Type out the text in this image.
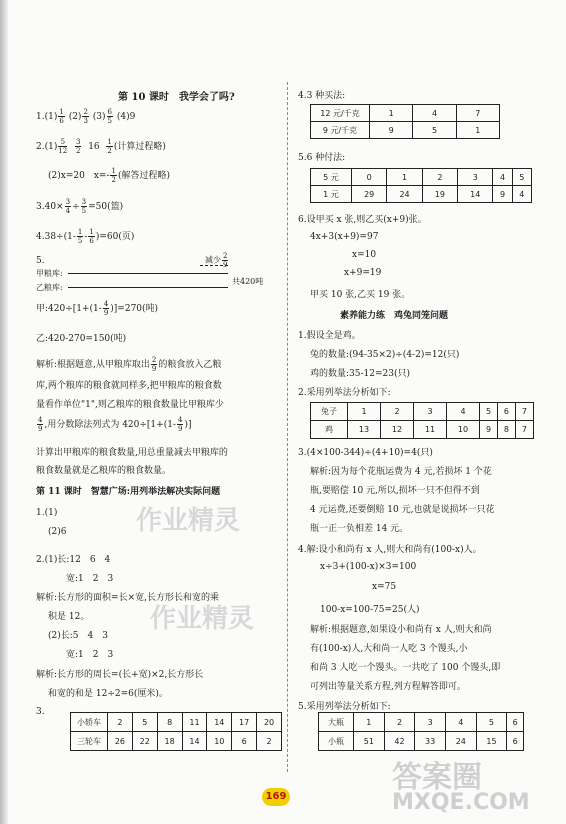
第 10 课时　我学会了吗?
$1.(1) \frac{1}{6} (2) \frac{2}{3} (3) \frac{6}{5} (4)9$
$2.(1) \frac{5}{12}$
$\frac{3}{2} 16 \frac{1}{2}$ (计算过程略)
(2)x=20　$x=- \frac{1}{2}$ (解答过程略)
$3.40\times \frac{3}{4} \div \frac{3}{5} =50$(篮)
$4.38\div(1- \frac{1}{5} - \frac{1}{6} )=60$(页)
5.	减少 $\frac{2}{9}$
甲粮库:
乙粮库:
共420吨
甲:420÷[1+(1- $\frac{4}{9} )]=270$(吨)
乙:420-270=150(吨)
解析:根据题意,从甲粮库取出 $\frac{2}{9}$ 的粮食放入乙粮
库,两个粮库的粮食就同样多,把甲粮库的粮食数
量看作单位"1",则乙粮库的粮食数量比甲粮库少
$\frac{4}{9}$ ,用分数除法列式为 $420\div[1+(1- \frac{4}{9}$ )]
计算出甲粮库的粮食数量,用总重量减去甲粮库的
粮食数量就是乙粮库的粮食数量。
第 11 课时　智慧广场:用列举法解决实际问题
1.(1)
(2)6
2.(1)长:12　6　4
宽:1　2　3
解析:长方形的面积=长×宽,长方形长和宽的乘
积是 12。
(2)长:5　4　3
宽:1　2　3
解析:长方形的周长=(长+宽)×2,长方形长
和宽的和是 12÷2=6(厘米)。
3.
小轿车	2	5	8	11	14	17	20
三轮车	26	22	18	14	10	6	2
4.3 种买法:
12 元/千克	1	4	7
9 元/千克	9	5	1
5.6 种付法:
5 元	0	1	2	3	4	5
1 元	29	24	19	14	9	4
6.设甲买 x 张,则乙买(x+9)张。
4x+3(x+9)=97
x=10
x+9=19
甲买 10 张,乙买 19 张。
素养能力练　鸡兔同笼问题
1.假设全是鸡。
兔的数量:(94-35×2)÷(4-2)=12(只)
鸡的数量:35-12=23(只)
2.采用列举法分析如下:
兔子	1	2	3	4	5	6	7
鸡	13	12	11	10	9	8	7
3.(4×100-344)÷(4+10)=4(只)
解析:因为每个花瓶运费为 4 元,若损坏 1 个花
瓶,要赔偿 10 元,所以,损坏一只不但得不到
4 元运费,还要倒赔 10 元,也就是说损坏一只花
瓶一正一负相差 14 元。
4.解:设小和尚有 x 人,则大和尚有(100-x)人。
x÷3+(100-x)×3=100
x=75
100-x=100-75=25(人)
解析:根据题意,如果设小和尚有 x 人,则大和尚
有(100-x)人,大和尚一人吃 3 个馒头,小
和尚 3 人吃一个馒头。一共吃了 100 个馒头,即
可列出等量关系方程,列方程解答即可。
5.采用列举法分析如下:
大瓶	1	2	3	4	5	6
小瓶	51	42	33	24	15	6
作业精灵
作业精灵
答案圈
MXQE.COM
169
